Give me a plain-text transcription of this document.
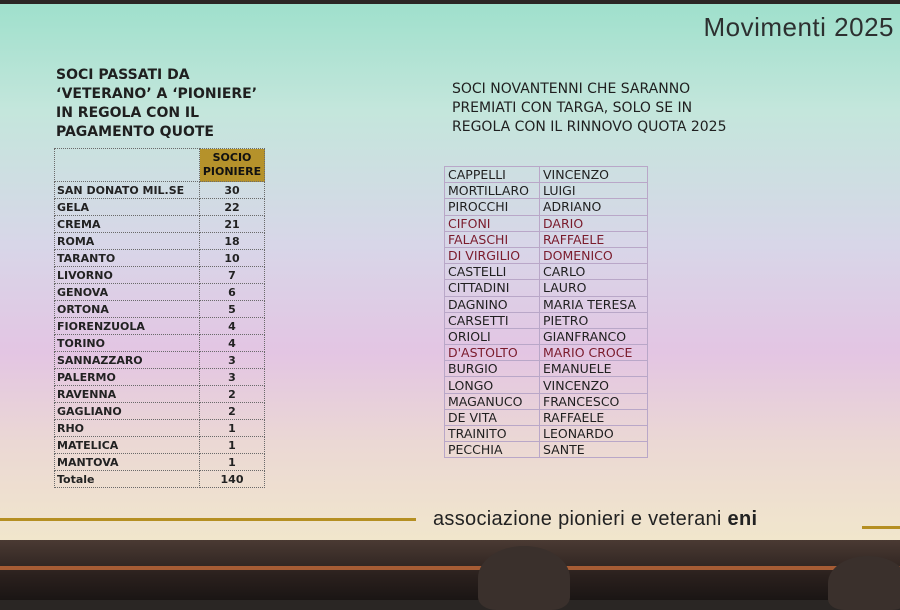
Movimenti 2025
SOCI PASSATI DA
‘VETERANO’ A ‘PIONIERE’
IN REGOLA CON IL
PAGAMENTO QUOTE
SOCI NOVANTENNI CHE SARANNO
PREMIATI CON TARGA, SOLO SE IN
REGOLA CON IL RINNOVO QUOTA 2025

	SOCIO
PIONIERE

SAN DONATO MIL.SE	30
GELA	22
CREMA	21
ROMA	18
TARANTO	10
LIVORNO	7
GENOVA	6
ORTONA	5
FIORENZUOLA	4
TORINO	4
SANNAZZARO	3
PALERMO	3
RAVENNA	2
GAGLIANO	2
RHO	1
MATELICA	1
MANTOVA	1
Totale	140
CAPPELLI	VINCENZO
MORTILLARO	LUIGI
PIROCCHI	ADRIANO
CIFONI	DARIO
FALASCHI	RAFFAELE
DI VIRGILIO	DOMENICO
CASTELLI	CARLO
CITTADINI	LAURO
DAGNINO	MARIA TERESA
CARSETTI	PIETRO
ORIOLI	GIANFRANCO
D'ASTOLTO	MARIO CROCE
BURGIO	EMANUELE
LONGO	VINCENZO
MAGANUCO	FRANCESCO
DE VITA	RAFFAELE
TRAINITO	LEONARDO
PECCHIA	SANTE
associazione pionieri e veterani eni
